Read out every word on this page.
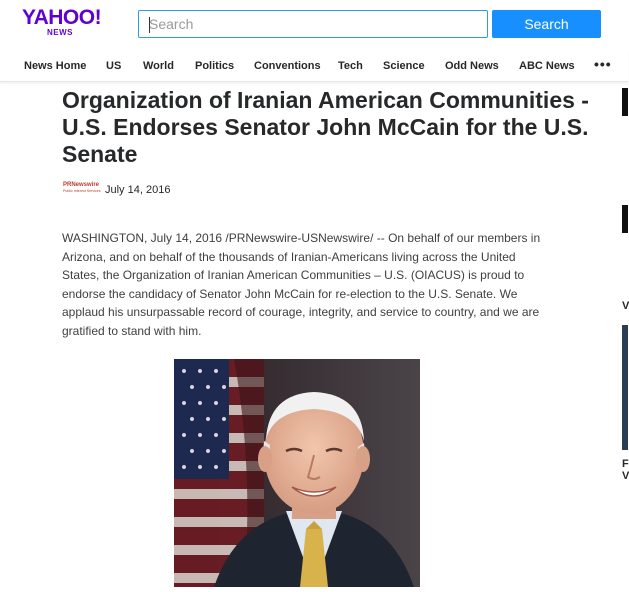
YAHOO!
NEWS
Search
Search
News Home US World Politics Conventions Tech Science Odd News ABC News •••
Organization of Iranian American Communities - U.S. Endorses Senator John McCain for the U.S. Senate
PRNewswire
Public Interest Services July 14, 2016

WASHINGTON, July 14, 2016 /PRNewswire-USNewswire/ -- On behalf of our members in Arizona, and on behalf of the thousands of Iranian-Americans living across the United States, the Organization of Iranian American Communities – U.S. (OIACUS) is proud to endorse the candidacy of Senator John McCain for re-election to the U.S. Senate. We applaud his unsurpassable record of courage, integrity, and service to country, and we are gratified to stand with him.

V
F
V
